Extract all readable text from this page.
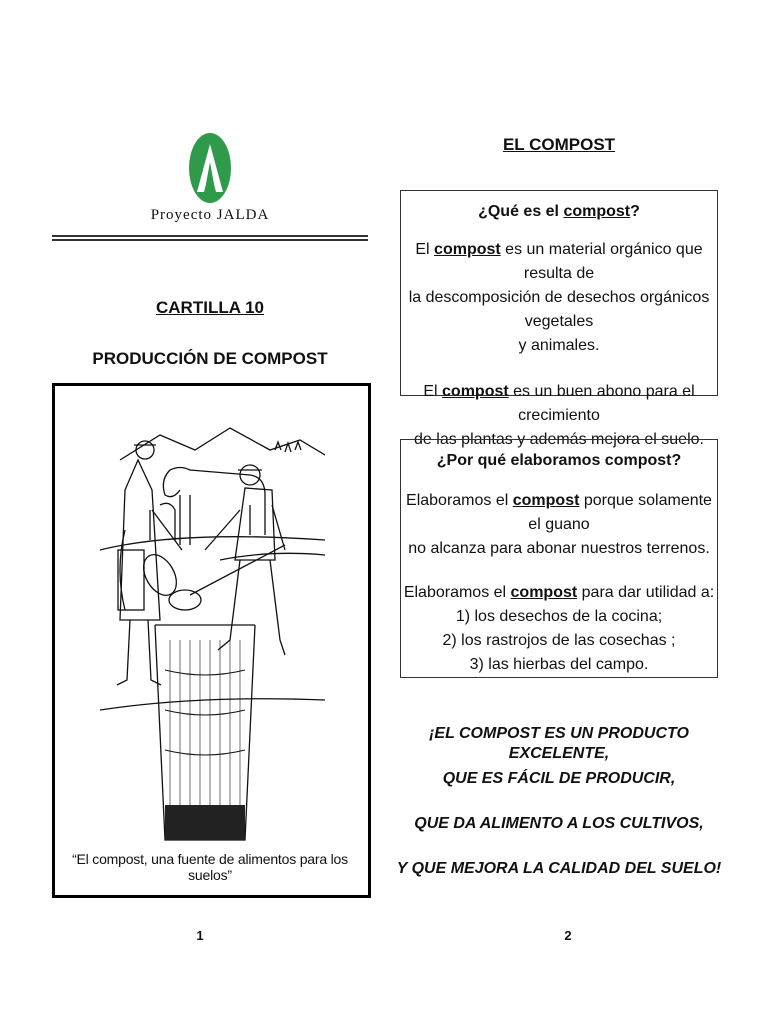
Proyecto JALDA
CARTILLA 10
PRODUCCIÓN DE COMPOST
“El compost, una fuente de alimentos para los suelos”
1
EL COMPOST
¿Qué es el compost?

El compost es un material orgánico que resulta de
la descomposición de desechos orgánicos vegetales
y animales.

El compost es un buen abono para el crecimiento
de las plantas y además mejora el suelo.

¿Por qué elaboramos compost?

Elaboramos el compost porque solamente el guano
no alcanza para abonar nuestros terrenos.

Elaboramos el compost para dar utilidad a:

1) los desechos de la cocina;

2) los rastrojos de las cosechas ;

3) las hierbas del campo.

¡EL COMPOST ES UN PRODUCTO EXCELENTE,
QUE ES FÁCIL DE PRODUCIR,
QUE DA ALIMENTO A LOS CULTIVOS,
Y QUE MEJORA LA CALIDAD DEL SUELO!
2
